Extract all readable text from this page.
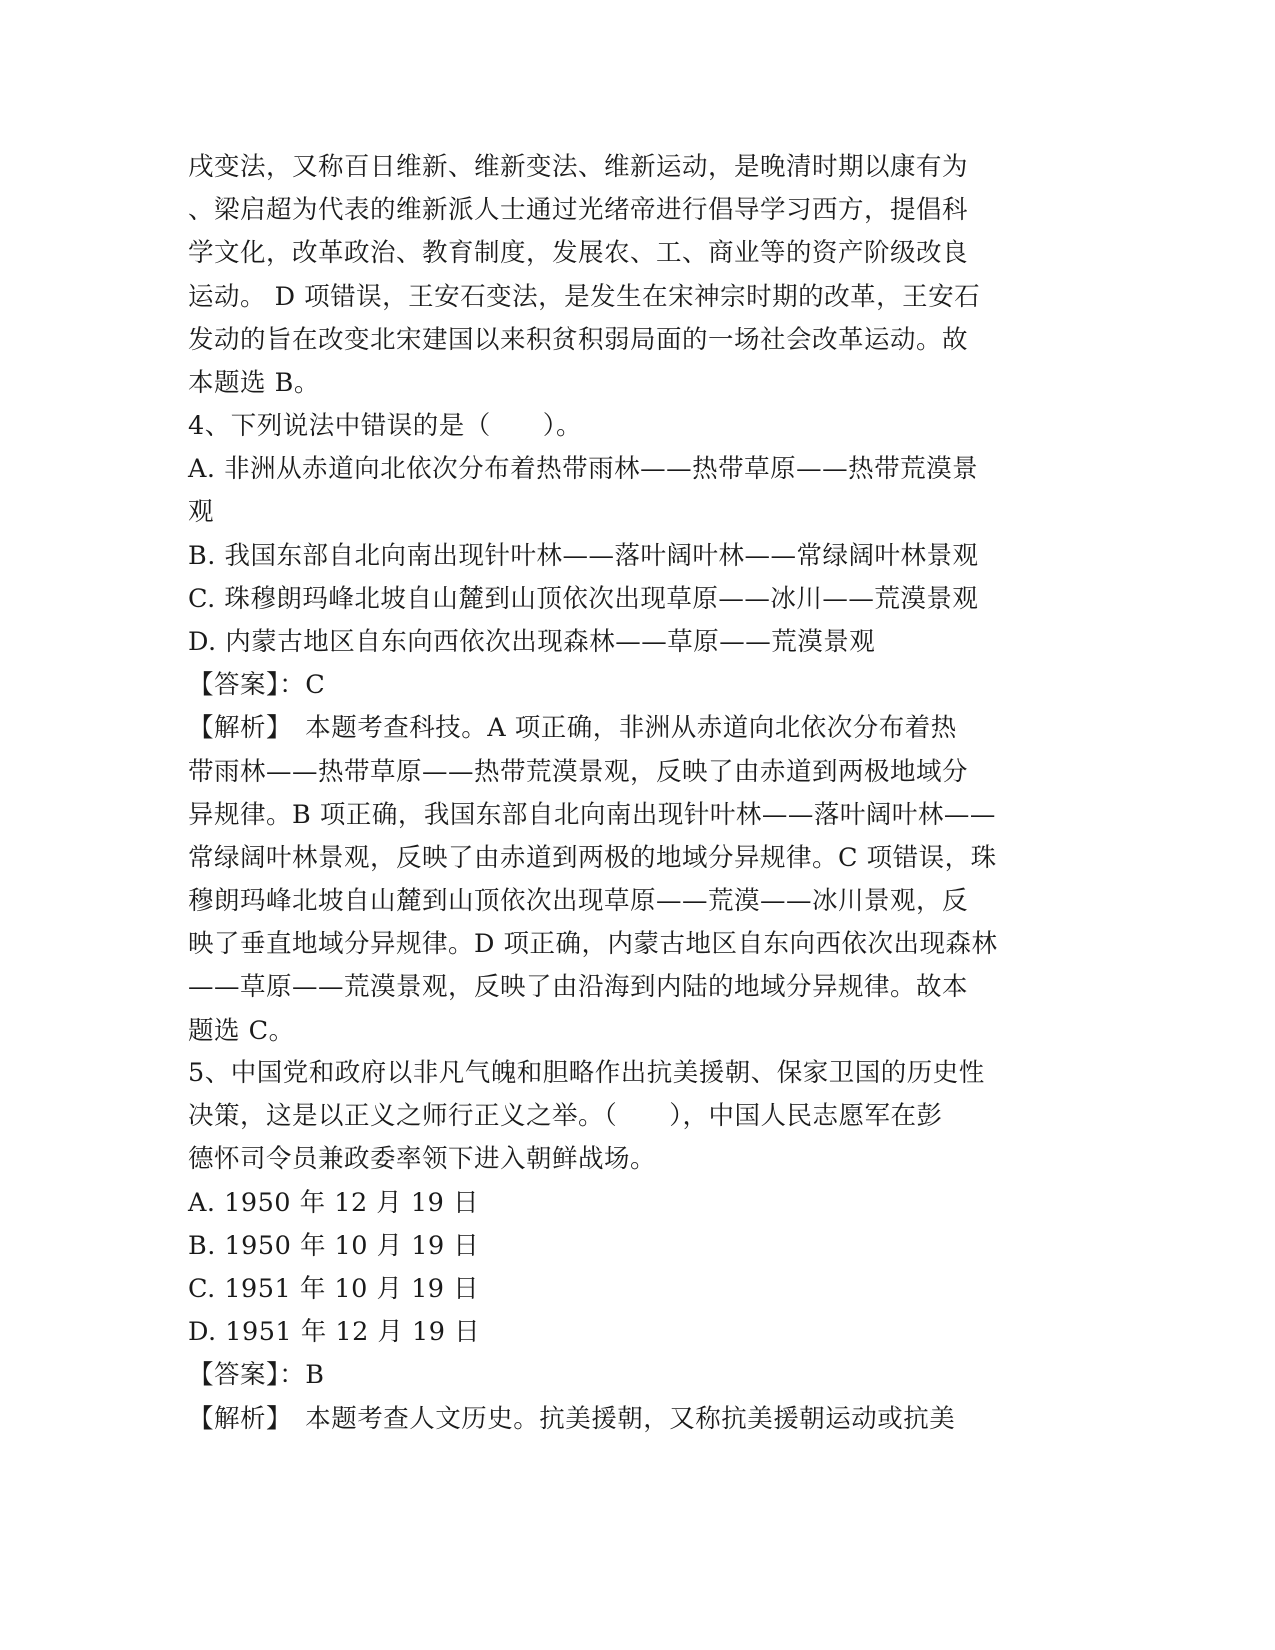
戌变法，又称百日维新、维新变法、维新运动，是晚清时期以康有为
、梁启超为代表的维新派人士通过光绪帝进行倡导学习西方，提倡科
学文化，改革政治、教育制度，发展农、工、商业等的资产阶级改良
运动。 D 项错误，王安石变法，是发生在宋神宗时期的改革，王安石
发动的旨在改变北宋建国以来积贫积弱局面的一场社会改革运动。故
本题选 B。
4、下列说法中错误的是（　　）。
A. 非洲从赤道向北依次分布着热带雨林——热带草原——热带荒漠景
观
B. 我国东部自北向南出现针叶林——落叶阔叶林——常绿阔叶林景观
C. 珠穆朗玛峰北坡自山麓到山顶依次出现草原——冰川——荒漠景观
D. 内蒙古地区自东向西依次出现森林——草原——荒漠景观
【答案】：C
【解析】　本题考查科技。A 项正确，非洲从赤道向北依次分布着热
带雨林——热带草原——热带荒漠景观，反映了由赤道到两极地域分
异规律。B 项正确，我国东部自北向南出现针叶林——落叶阔叶林——
常绿阔叶林景观，反映了由赤道到两极的地域分异规律。C 项错误，珠
穆朗玛峰北坡自山麓到山顶依次出现草原——荒漠——冰川景观，反
映了垂直地域分异规律。D 项正确，内蒙古地区自东向西依次出现森林
——草原——荒漠景观，反映了由沿海到内陆的地域分异规律。故本
题选 C。
5、中国党和政府以非凡气魄和胆略作出抗美援朝、保家卫国的历史性
决策，这是以正义之师行正义之举。（　　），中国人民志愿军在彭
德怀司令员兼政委率领下进入朝鲜战场。
A. 1950 年 12 月 19 日
B. 1950 年 10 月 19 日
C. 1951 年 10 月 19 日
D. 1951 年 12 月 19 日
【答案】：B
【解析】　本题考查人文历史。抗美援朝，又称抗美援朝运动或抗美
